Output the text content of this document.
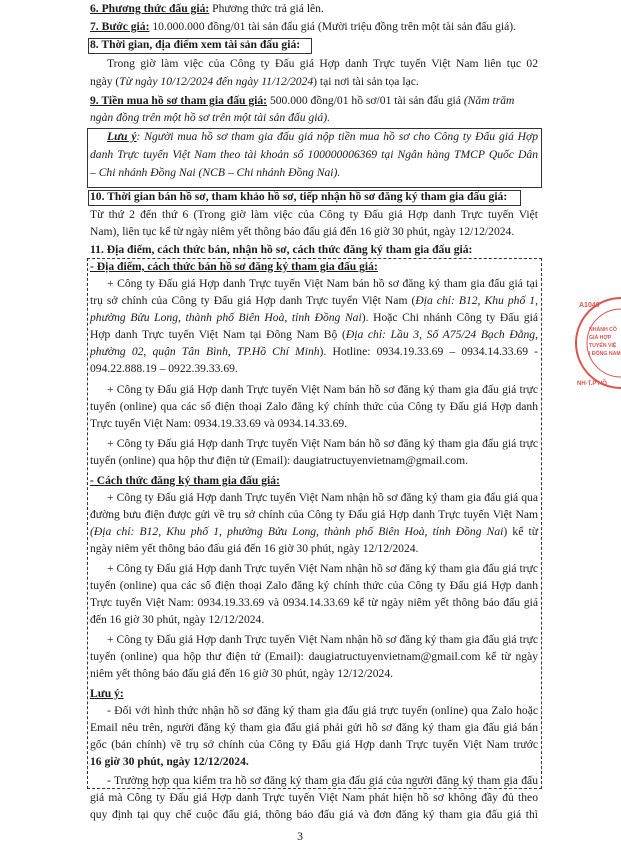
6. Phương thức đấu giá: Phương thức trả giá lên.
7. Bước giá: 10.000.000 đồng/01 tài sản đấu giá (Mười triệu đồng trên một tài sản đấu giá).
8. Thời gian, địa điểm xem tài sản đấu giá:
Trong giờ làm việc của Công ty Đấu giá Hợp danh Trực tuyến Việt Nam liên tục 02
ngày (Từ ngày 10/12/2024 đến ngày 11/12/2024) tại nơi tài sản tọa lạc.
9. Tiền mua hồ sơ tham gia đấu giá: 500.000 đồng/01 hồ sơ/01 tài sản đấu giá (Năm trăm
ngàn đồng trên một hồ sơ trên một tài sản đấu giá).
Lưu ý: Người mua hồ sơ tham gia đấu giá nộp tiền mua hồ sơ cho Công ty Đấu giá Hợp
danh Trực tuyến Việt Nam theo tài khoản số 100000006369 tại Ngân hàng TMCP Quốc Dân
– Chi nhánh Đồng Nai (NCB – Chi nhánh Đồng Nai).
10. Thời gian bán hồ sơ, tham khảo hồ sơ, tiếp nhận hồ sơ đăng ký tham gia đấu giá:
Từ thứ 2 đến thứ 6 (Trong giờ làm việc của Công ty Đấu giá Hợp danh Trực tuyến Việt
Nam), liên tục kể từ ngày niêm yết thông báo đấu giá đến 16 giờ 30 phút, ngày 12/12/2024.
11. Địa điểm, cách thức bán, nhận hồ sơ, cách thức đăng ký tham gia đấu giá:
- Địa điểm, cách thức bán hồ sơ đăng ký tham gia đấu giá:
+ Công ty Đấu giá Hợp danh Trực tuyến Việt Nam bán hồ sơ đăng ký tham gia đấu giá tại
trụ sở chính của Công ty Đấu giá Hợp danh Trực tuyến Việt Nam (Địa chỉ: B12, Khu phố 1,
phường Bửu Long, thành phố Biên Hoà, tỉnh Đồng Nai). Hoặc Chi nhánh Công ty Đấu giá
Hợp danh Trực tuyến Việt Nam tại Đông Nam Bộ (Địa chỉ: Lầu 3, Số A75/24 Bạch Đằng,
phường 02, quận Tân Bình, TP.Hồ Chí Minh). Hotline: 0934.19.33.69 – 0934.14.33.69 -
094.22.888.19 – 0922.39.33.69.
+ Công ty Đấu giá Hợp danh Trực tuyến Việt Nam bán hồ sơ đăng ký tham gia đấu giá trực
tuyến (online) qua các số điện thoại Zalo đăng ký chính thức của Công ty Đấu giá Hợp danh
Trực tuyến Việt Nam: 0934.19.33.69 và 0934.14.33.69.
+ Công ty Đấu giá Hợp danh Trực tuyến Việt Nam bán hồ sơ đăng ký tham gia đấu giá trực
tuyến (online) qua hộp thư điện tử (Email): daugiatructuyenvietnam@gmail.com.
- Cách thức đăng ký tham gia đấu giá:
+ Công ty Đấu giá Hợp danh Trực tuyến Việt Nam nhận hồ sơ đăng ký tham gia đấu giá qua
đường bưu điện được gửi về trụ sở chính của Công ty Đấu giá Hợp danh Trực tuyến Việt Nam
(Địa chỉ: B12, Khu phố 1, phường Bửu Long, thành phố Biên Hoà, tỉnh Đồng Nai) kể từ
ngày niêm yết thông báo đấu giá đến 16 giờ 30 phút, ngày 12/12/2024.
+ Công ty Đấu giá Hợp danh Trực tuyến Việt Nam nhận hồ sơ đăng ký tham gia đấu giá trực
tuyến (online) qua các số điện thoại Zalo đăng ký chính thức của Công ty Đấu giá Hợp danh
Trực tuyến Việt Nam: 0934.19.33.69 và 0934.14.33.69 kể từ ngày niêm yết thông báo đấu giá
đến 16 giờ 30 phút, ngày 12/12/2024.
+ Công ty Đấu giá Hợp danh Trực tuyến Việt Nam nhận hồ sơ đăng ký tham gia đấu giá trực
tuyến (online) qua hộp thư điện tử (Email): daugiatructuyenvietnam@gmail.com kể từ ngày
niêm yết thông báo đấu giá đến 16 giờ 30 phút, ngày 12/12/2024.
Lưu ý:
- Đối với hình thức nhận hồ sơ đăng ký tham gia đấu giá trực tuyến (online) qua Zalo hoặc
Email nêu trên, người đăng ký tham gia đấu giá phải gửi hồ sơ đăng ký tham gia đấu giá bản
gốc (bản chính) về trụ sở chính của Công ty Đấu giá Hợp danh Trực tuyến Việt Nam trước
16 giờ 30 phút, ngày 12/12/2024.
- Trường hợp qua kiểm tra hồ sơ đăng ký tham gia đấu giá của người đăng ký tham gia đấu
giá mà Công ty Đấu giá Hợp danh Trực tuyến Việt Nam phát hiện hồ sơ không đầy đủ theo
quy định tại quy chế cuộc đấu giá, thông báo đấu giá và đơn đăng ký tham gia đấu giá thì
3
A1040
NHÁNH CÔ
GIÁ HỢP
TUYẾN VIỆ
I ĐÔNG NAM
NH-T.P HỒ
